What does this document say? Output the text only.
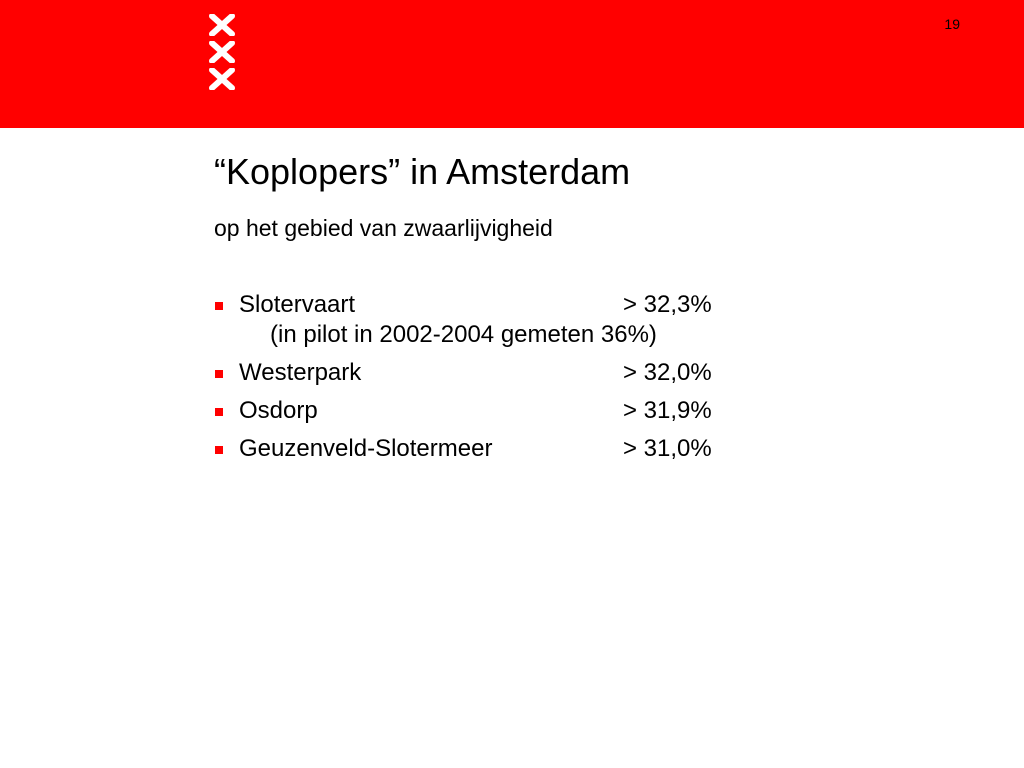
19
“Koplopers” in Amsterdam
op het gebied van zwaarlijvigheid
Slotervaart	> 32,3%
(in pilot in 2002-2004 gemeten 36%)
Westerpark	> 32,0%
Osdorp	> 31,9%
Geuzenveld-Slotermeer	> 31,0%
